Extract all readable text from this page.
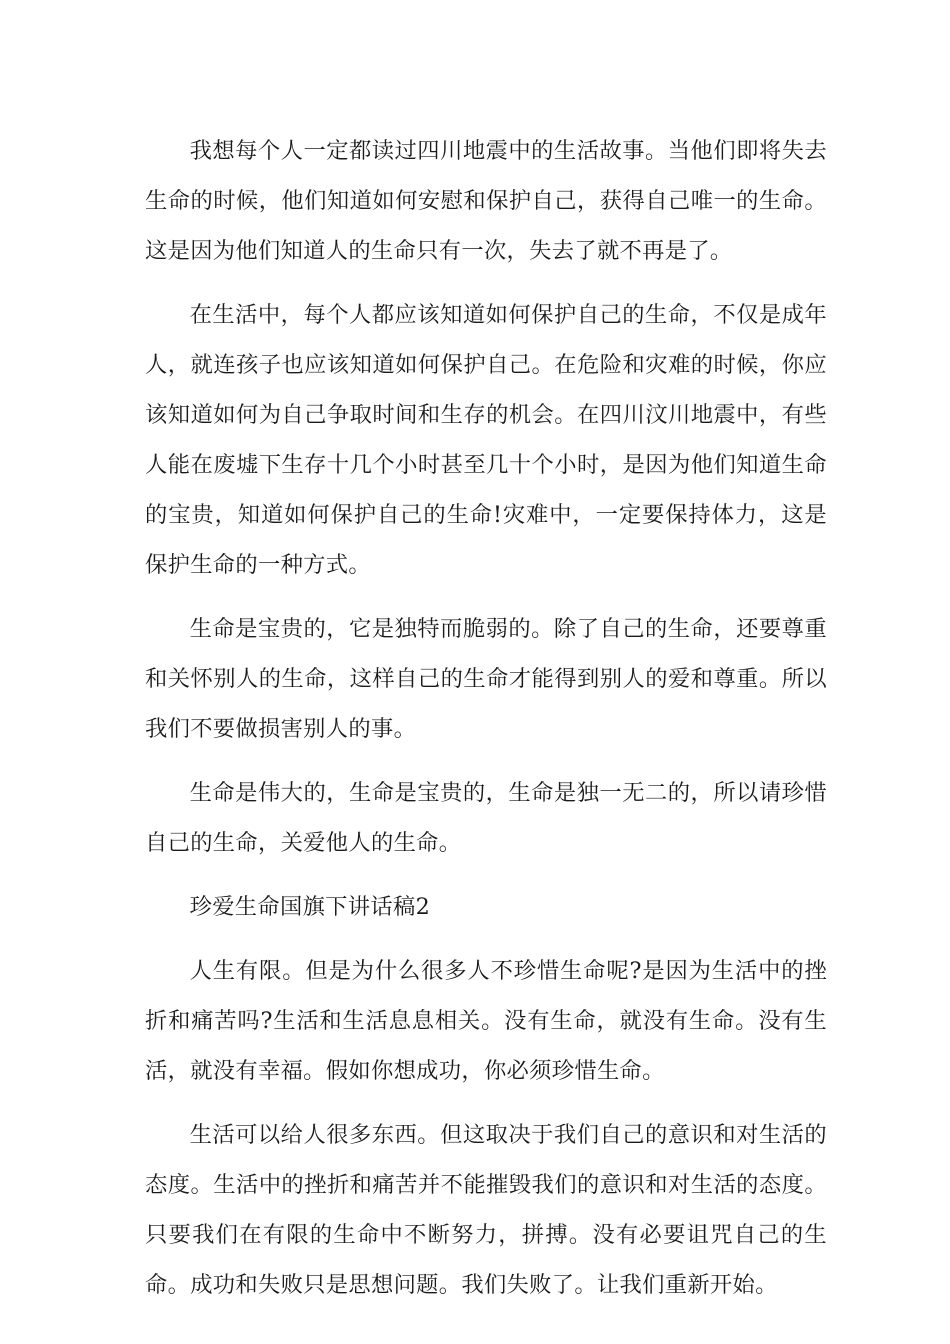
我想每个人一定都读过四川地震中的生活故事。当他们即将失去生命的时候，他们知道如何安慰和保护自己，获得自己唯一的生命。这是因为他们知道人的生命只有一次，失去了就不再是了。

在生活中，每个人都应该知道如何保护自己的生命，不仅是成年人，就连孩子也应该知道如何保护自己。在危险和灾难的时候，你应该知道如何为自己争取时间和生存的机会。在四川汶川地震中，有些人能在废墟下生存十几个小时甚至几十个小时，是因为他们知道生命的宝贵，知道如何保护自己的生命!灾难中，一定要保持体力，这是保护生命的一种方式。

生命是宝贵的，它是独特而脆弱的。除了自己的生命，还要尊重和关怀别人的生命，这样自己的生命才能得到别人的爱和尊重。所以我们不要做损害别人的事。

生命是伟大的，生命是宝贵的，生命是独一无二的，所以请珍惜自己的生命，关爱他人的生命。

珍爱生命国旗下讲话稿2

人生有限。但是为什么很多人不珍惜生命呢?是因为生活中的挫折和痛苦吗?生活和生活息息相关。没有生命，就没有生命。没有生活，就没有幸福。假如你想成功，你必须珍惜生命。

生活可以给人很多东西。但这取决于我们自己的意识和对生活的态度。生活中的挫折和痛苦并不能摧毁我们的意识和对生活的态度。只要我们在有限的生命中不断努力，拼搏。没有必要诅咒自己的生命。成功和失败只是思想问题。我们失败了。让我们重新开始。
